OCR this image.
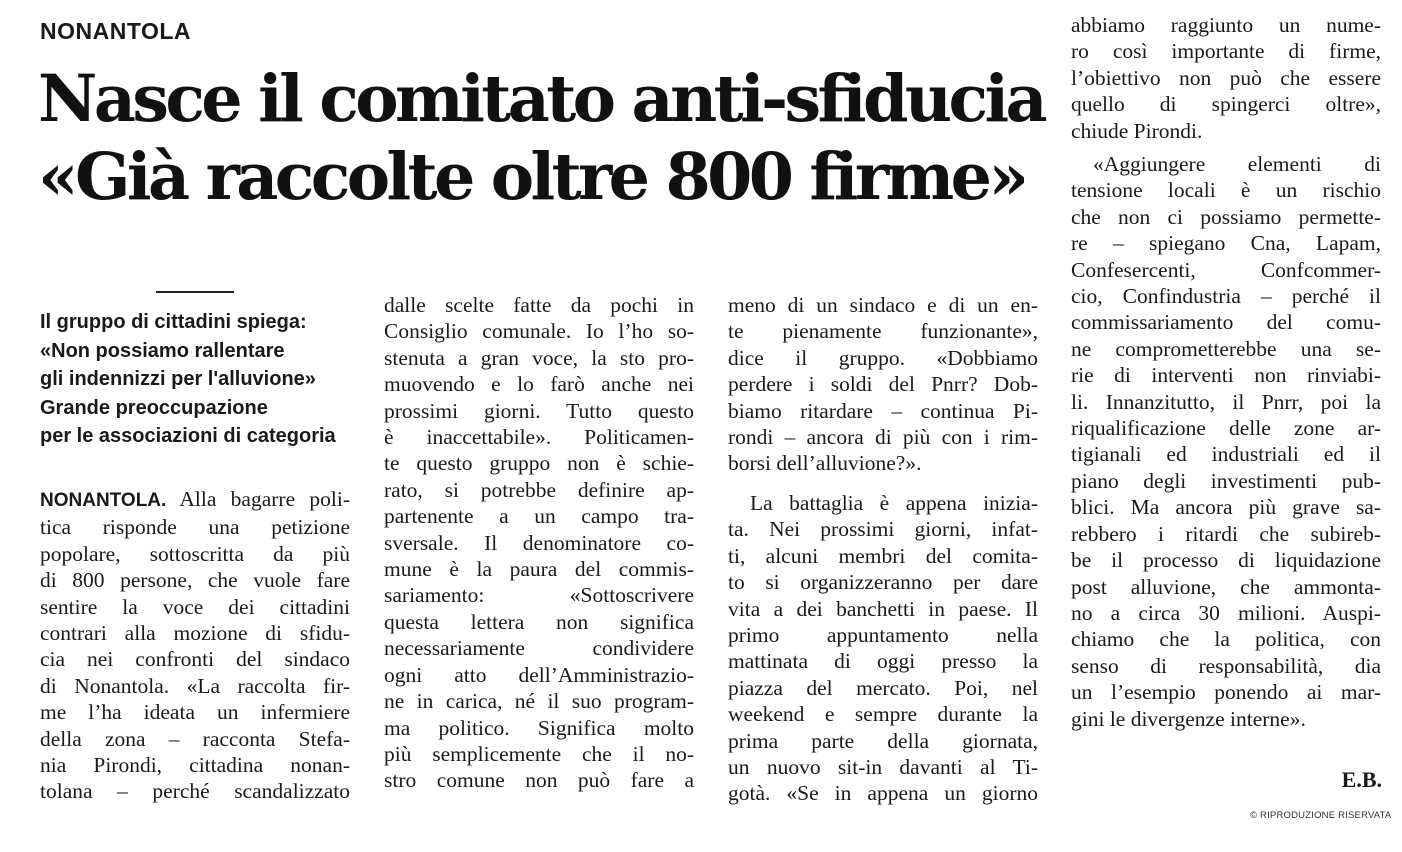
NONANTOLA
Nasce il comitato anti-sfiducia
«Già raccolte oltre 800 firme»
Il gruppo di cittadini spiega:
«Non possiamo rallentare
gli indennizzi per l'alluvione»
Grande preoccupazione
per le associazioni di categoria
NONANTOLA. Alla bagarre poli-
tica risponde una petizione
popolare, sottoscritta da più
di 800 persone, che vuole fare
sentire la voce dei cittadini
contrari alla mozione di sfidu-
cia nei confronti del sindaco
di Nonantola. «La raccolta fir-
me l’ha ideata un infermiere
della zona – racconta Stefa-
nia Pirondi, cittadina nonan-
tolana – perché scandalizzato
dalle scelte fatte da pochi in
Consiglio comunale. Io l’ho so-
stenuta a gran voce, la sto pro-
muovendo e lo farò anche nei
prossimi giorni. Tutto questo
è inaccettabile». Politicamen-
te questo gruppo non è schie-
rato, si potrebbe definire ap-
partenente a un campo tra-
sversale. Il denominatore co-
mune è la paura del commis-
sariamento: «Sottoscrivere
questa lettera non significa
necessariamente condividere
ogni atto dell’Amministrazio-
ne in carica, né il suo program-
ma politico. Significa molto
più semplicemente che il no-
stro comune non può fare a
meno di un sindaco e di un en-
te pienamente funzionante»,
dice il gruppo. «Dobbiamo
perdere i soldi del Pnrr? Dob-
biamo ritardare – continua Pi-
rondi – ancora di più con i rim-
borsi dell’alluvione?».
La battaglia è appena inizia-
ta. Nei prossimi giorni, infat-
ti, alcuni membri del comita-
to si organizzeranno per dare
vita a dei banchetti in paese. Il
primo appuntamento nella
mattinata di oggi presso la
piazza del mercato. Poi, nel
weekend e sempre durante la
prima parte della giornata,
un nuovo sit-in davanti al Ti-
gotà. «Se in appena un giorno
abbiamo raggiunto un nume-
ro così importante di firme,
l’obiettivo non può che essere
quello di spingerci oltre»,
chiude Pirondi.
«Aggiungere elementi di
tensione locali è un rischio
che non ci possiamo permette-
re – spiegano Cna, Lapam,
Confesercenti, Confcommer-
cio, Confindustria – perché il
commissariamento del comu-
ne comprometterebbe una se-
rie di interventi non rinviabi-
li. Innanzitutto, il Pnrr, poi la
riqualificazione delle zone ar-
tigianali ed industriali ed il
piano degli investimenti pub-
blici. Ma ancora più grave sa-
rebbero i ritardi che subireb-
be il processo di liquidazione
post alluvione, che ammonta-
no a circa 30 milioni. Auspi-
chiamo che la politica, con
senso di responsabilità, dia
un l’esempio ponendo ai mar-
gini le divergenze interne».
E.B.
© RIPRODUZIONE RISERVATA
